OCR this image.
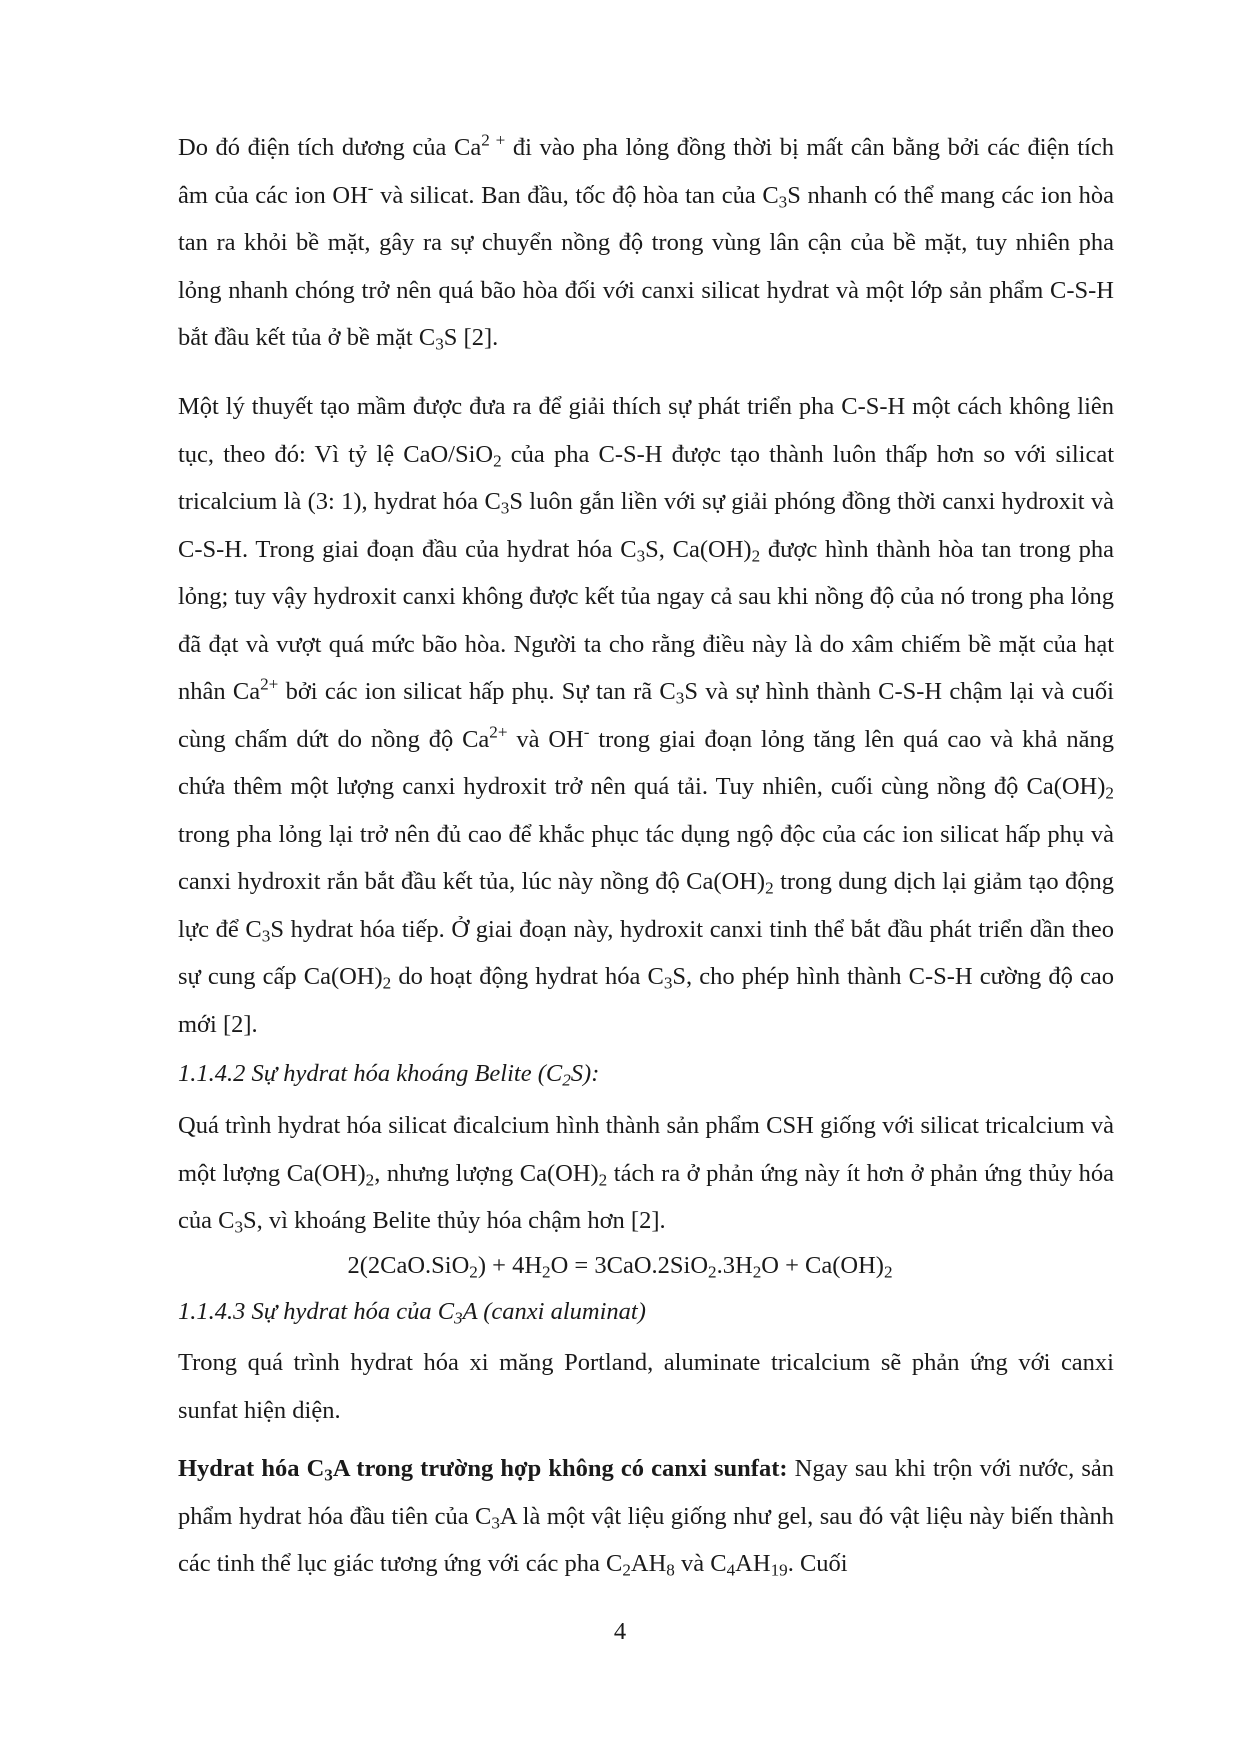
Do đó điện tích dương của $Ca^{2 +}$ đi vào pha lỏng đồng thời bị mất cân bằng bởi các điện tích âm của các ion OH- và silicat. Ban đầu, tốc độ hòa tan của $C_3S$ nhanh có thể mang các ion hòa tan ra khỏi bề mặt, gây ra sự chuyển nồng độ trong vùng lân cận của bề mặt, tuy nhiên pha lỏng nhanh chóng trở nên quá bão hòa đối với canxi silicat hydrat và một lớp sản phẩm C-S-H bắt đầu kết tủa ở bề mặt $C_3S$ [2].

Một lý thuyết tạo mầm được đưa ra để giải thích sự phát triển pha C-S-H một cách không liên tục, theo đó: Vì tỷ lệ CaO/SiO$_2$ của pha C-S-H được tạo thành luôn thấp hơn so với silicat tricalcium là (3: 1), hydrat hóa $C_3S$ luôn gắn liền với sự giải phóng đồng thời canxi hydroxit và C-S-H. Trong giai đoạn đầu của hydrat hóa $C_3S$, $Ca(OH)_2$ được hình thành hòa tan trong pha lỏng; tuy vậy hydroxit canxi không được kết tủa ngay cả sau khi nồng độ của nó trong pha lỏng đã đạt và vượt quá mức bão hòa. Người ta cho rằng điều này là do xâm chiếm bề mặt của hạt nhân $Ca^{2+}$ bởi các ion silicat hấp phụ. Sự tan rã $C_3S$ và sự hình thành C-S-H chậm lại và cuối cùng chấm dứt do nồng độ $Ca^{2+}$ và OH- trong giai đoạn lỏng tăng lên quá cao và khả năng chứa thêm một lượng canxi hydroxit trở nên quá tải. Tuy nhiên, cuối cùng nồng độ $Ca(OH)_2$ trong pha lỏng lại trở nên đủ cao để khắc phục tác dụng ngộ độc của các ion silicat hấp phụ và canxi hydroxit rắn bắt đầu kết tủa, lúc này nồng độ $Ca(OH)_2$ trong dung dịch lại giảm tạo động lực để $C_3S$ hydrat hóa tiếp. Ở giai đoạn này, hydroxit canxi tinh thể bắt đầu phát triển dần theo sự cung cấp $Ca(OH)_2$ do hoạt động hydrat hóa $C_3S$, cho phép hình thành C-S-H cường độ cao mới [2].

1.1.4.2 Sự hydrat hóa khoáng Belite $(C_2S)$:

Quá trình hydrat hóa silicat đicalcium hình thành sản phẩm CSH giống với silicat tricalcium và một lượng $Ca(OH)_2$, nhưng lượng $Ca(OH)_2$ tách ra ở phản ứng này ít hơn ở phản ứng thủy hóa của $C_3S$, vì khoáng Belite thủy hóa chậm hơn [2].

$2(2CaO.SiO_2) + 4H_2O = 3CaO.2SiO_2.3H_2O + Ca(OH)_2$

1.1.4.3 Sự hydrat hóa của $C_3A$ (canxi aluminat)

Trong quá trình hydrat hóa xi măng Portland, aluminate tricalcium sẽ phản ứng với canxi sunfat hiện diện.

Hydrat hóa $C_3A$ trong trường hợp không có canxi sunfat: Ngay sau khi trộn với nước, sản phẩm hydrat hóa đầu tiên của $C_3A$ là một vật liệu giống như gel, sau đó vật liệu này biến thành các tinh thể lục giác tương ứng với các pha $C_2AH_8$ và $C_4AH_{19}$. Cuối

4
